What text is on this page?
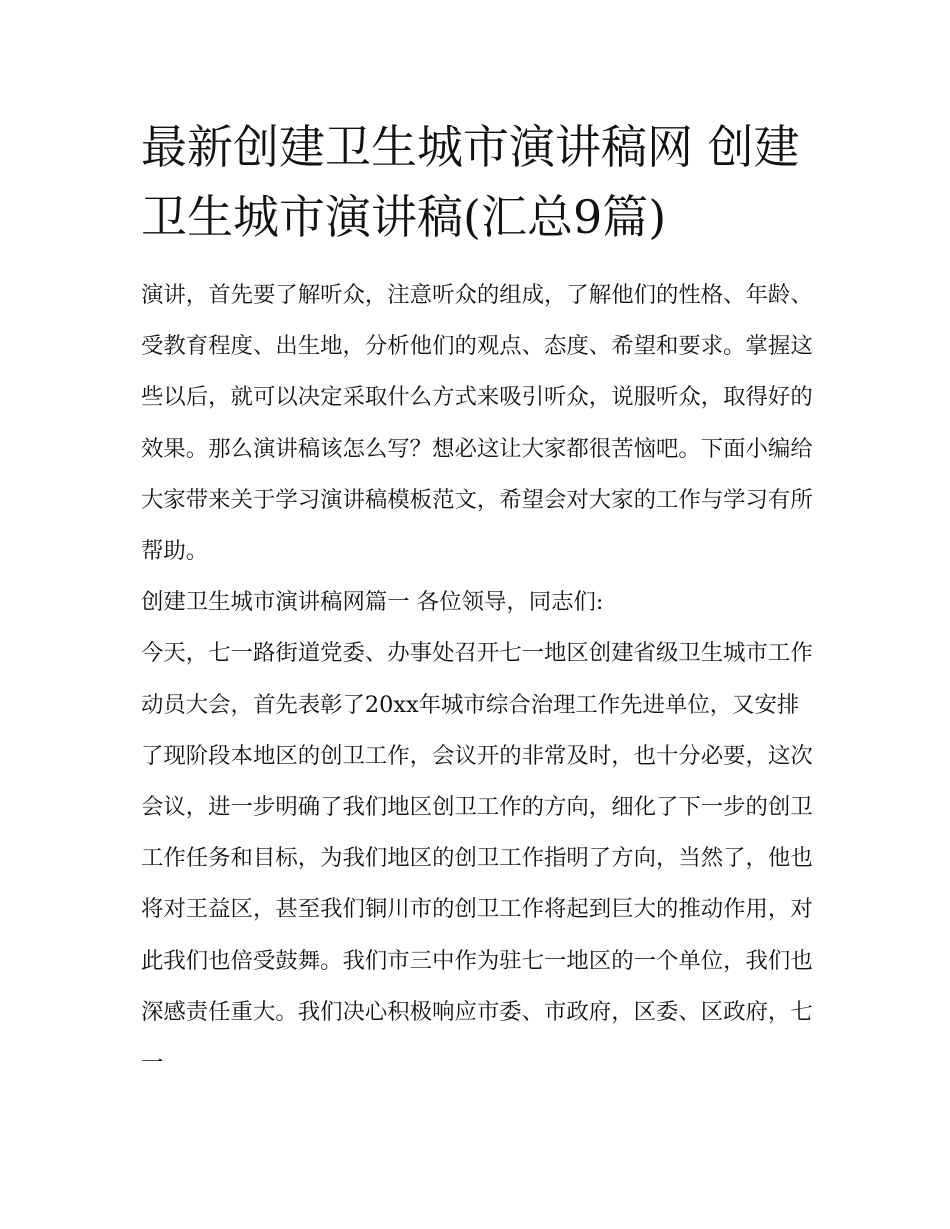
最新创建卫生城市演讲稿网 创建卫生城市演讲稿(汇总9篇)

演讲，首先要了解听众，注意听众的组成，了解他们的性格、年龄、受教育程度、出生地，分析他们的观点、态度、希望和要求。掌握这些以后，就可以决定采取什么方式来吸引听众，说服听众，取得好的效果。那么演讲稿该怎么写？想必这让大家都很苦恼吧。下面小编给大家带来关于学习演讲稿模板范文，希望会对大家的工作与学习有所帮助。

创建卫生城市演讲稿网篇一 各位领导，同志们:

今天，七一路街道党委、办事处召开七一地区创建省级卫生城市工作动员大会，首先表彰了20xx年城市综合治理工作先进单位，又安排了现阶段本地区的创卫工作，会议开的非常及时，也十分必要，这次会议，进一步明确了我们地区创卫工作的方向，细化了下一步的创卫工作任务和目标，为我们地区的创卫工作指明了方向，当然了，他也将对王益区，甚至我们铜川市的创卫工作将起到巨大的推动作用，对此我们也倍受鼓舞。我们市三中作为驻七一地区的一个单位，我们也深感责任重大。我们决心积极响应市委、市政府，区委、区政府，七一
